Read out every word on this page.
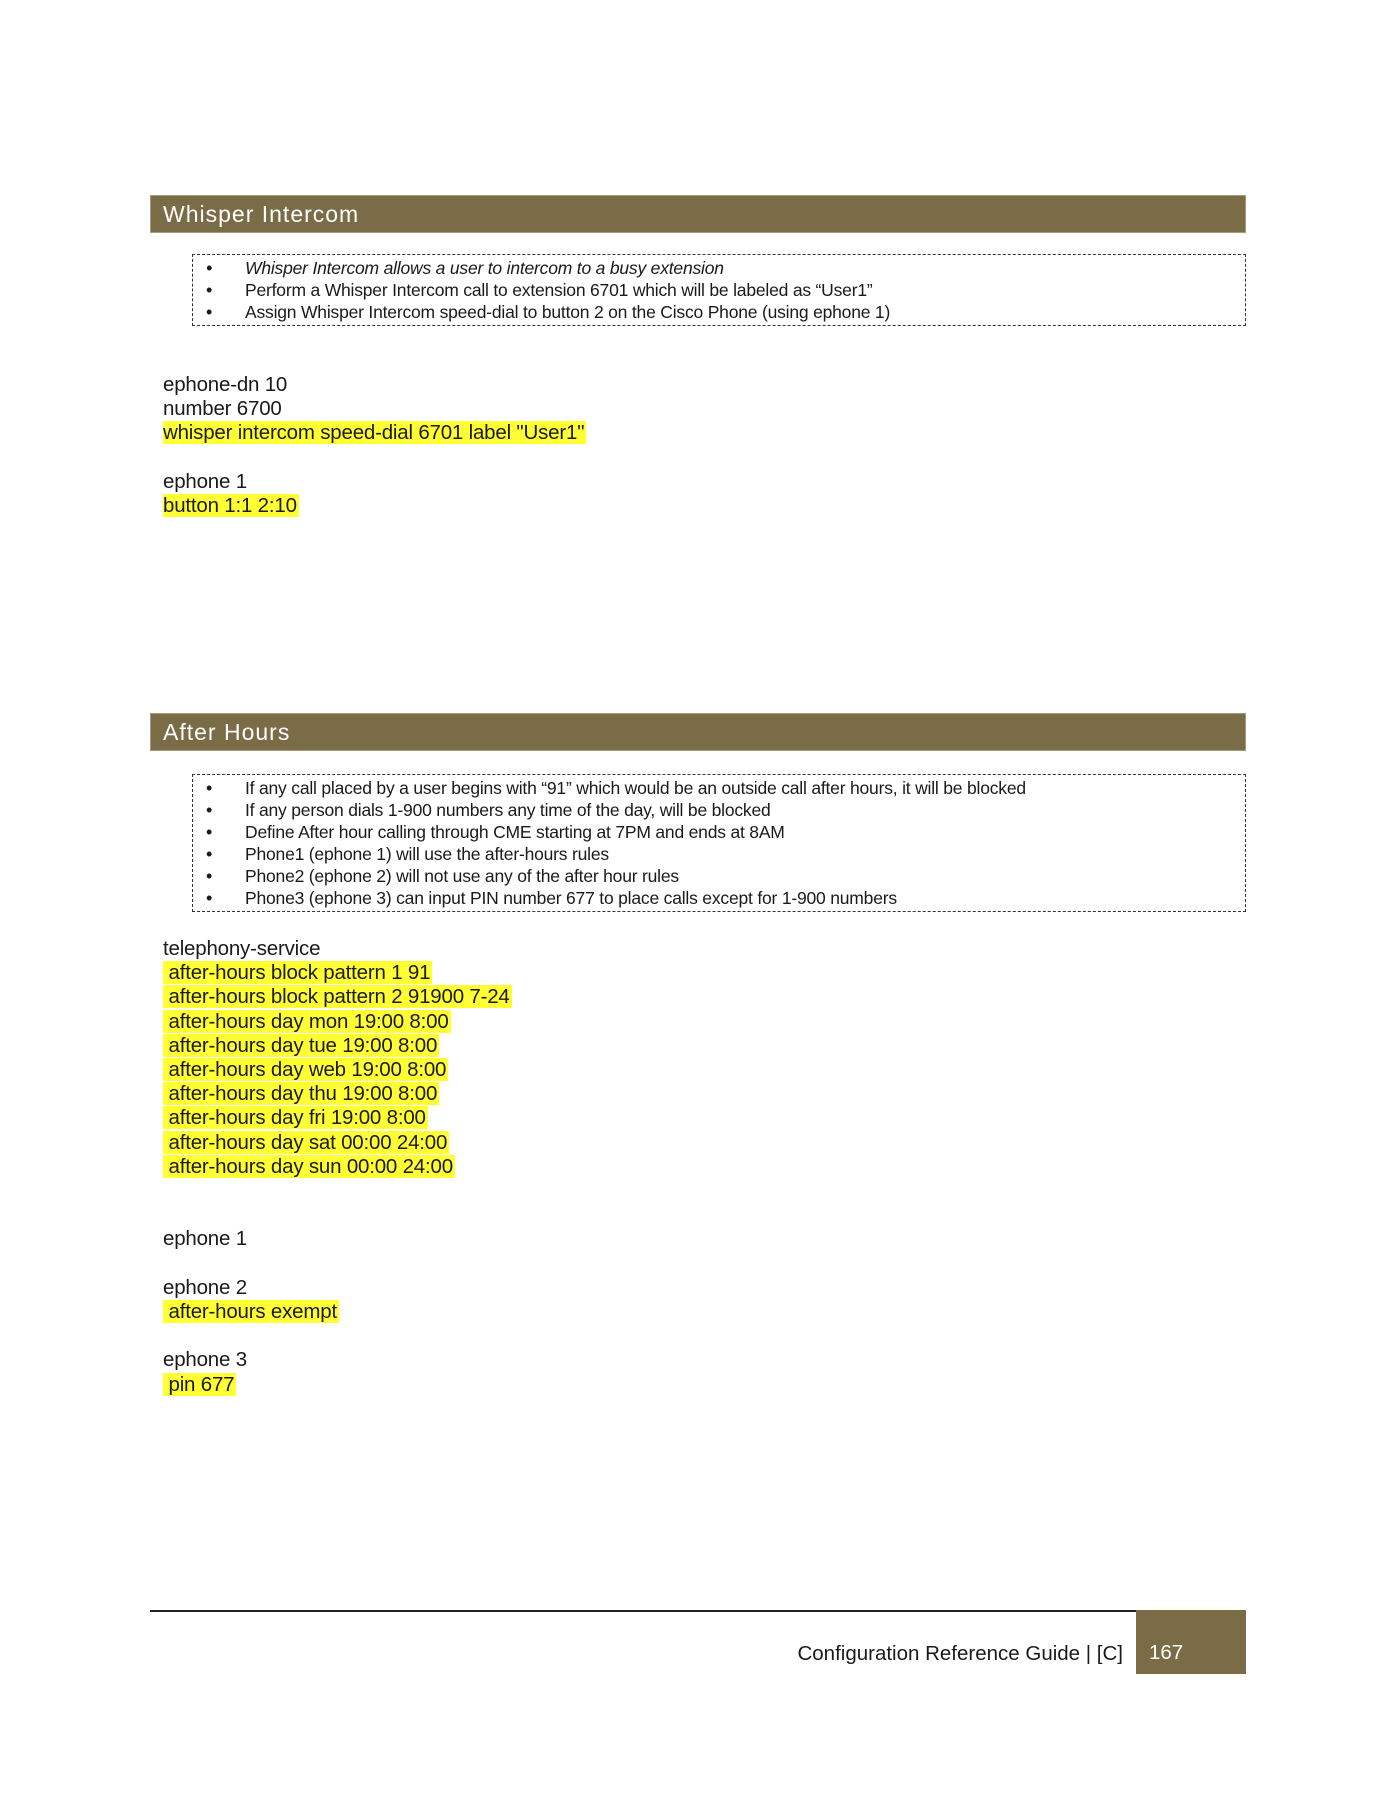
Whisper Intercom
• Whisper Intercom allows a user to intercom to a busy extension
• Perform a Whisper Intercom call to extension 6701 which will be labeled as “User1”
• Assign Whisper Intercom speed-dial to button 2 on the Cisco Phone (using ephone 1)
ephone-dn 10
number 6700
whisper intercom speed-dial 6701 label "User1"
ephone 1
button 1:1 2:10
After Hours
• If any call placed by a user begins with “91” which would be an outside call after hours, it will be blocked
• If any person dials 1-900 numbers any time of the day, will be blocked
• Define After hour calling through CME starting at 7PM and ends at 8AM
• Phone1 (ephone 1) will use the after-hours rules
• Phone2 (ephone 2) will not use any of the after hour rules
• Phone3 (ephone 3) can input PIN number 677 to place calls except for 1-900 numbers
telephony-service
after-hours block pattern 1 91
after-hours block pattern 2 91900 7-24
after-hours day mon 19:00 8:00
after-hours day tue 19:00 8:00
after-hours day web 19:00 8:00
after-hours day thu 19:00 8:00
after-hours day fri 19:00 8:00
after-hours day sat 00:00 24:00
after-hours day sun 00:00 24:00
ephone 1
ephone 2
after-hours exempt
ephone 3
pin 677
Configuration Reference Guide | [C]	167
